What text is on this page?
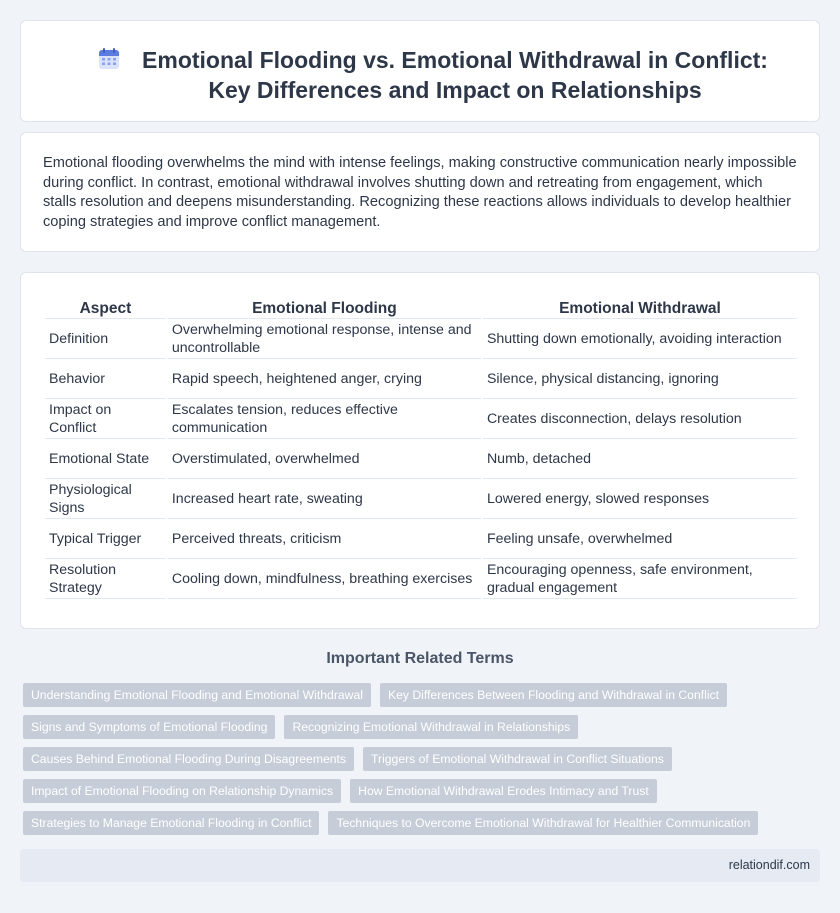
Emotional Flooding vs. Emotional Withdrawal in Conflict: Key Differences and Impact on Relationships

Emotional flooding overwhelms the mind with intense feelings, making constructive communication nearly impossible during conflict. In contrast, emotional withdrawal involves shutting down and retreating from engagement, which stalls resolution and deepens misunderstanding. Recognizing these reactions allows individuals to develop healthier coping strategies and improve conflict management.

Aspect	Emotional Flooding	Emotional Withdrawal
Definition	Overwhelming emotional response, intense and uncontrollable	Shutting down emotionally, avoiding interaction
Behavior	Rapid speech, heightened anger, crying	Silence, physical distancing, ignoring
Impact on Conflict	Escalates tension, reduces effective communication	Creates disconnection, delays resolution
Emotional State	Overstimulated, overwhelmed	Numb, detached
Physiological Signs	Increased heart rate, sweating	Lowered energy, slowed responses
Typical Trigger	Perceived threats, criticism	Feeling unsafe, overwhelmed
Resolution Strategy	Cooling down, mindfulness, breathing exercises	Encouraging openness, safe environment, gradual engagement
Important Related Terms
Understanding Emotional Flooding and Emotional Withdrawal	Key Differences Between Flooding and Withdrawal in Conflict
Signs and Symptoms of Emotional Flooding	Recognizing Emotional Withdrawal in Relationships
Causes Behind Emotional Flooding During Disagreements	Triggers of Emotional Withdrawal in Conflict Situations
Impact of Emotional Flooding on Relationship Dynamics	How Emotional Withdrawal Erodes Intimacy and Trust
Strategies to Manage Emotional Flooding in Conflict	Techniques to Overcome Emotional Withdrawal for Healthier Communication
relationdif.com
